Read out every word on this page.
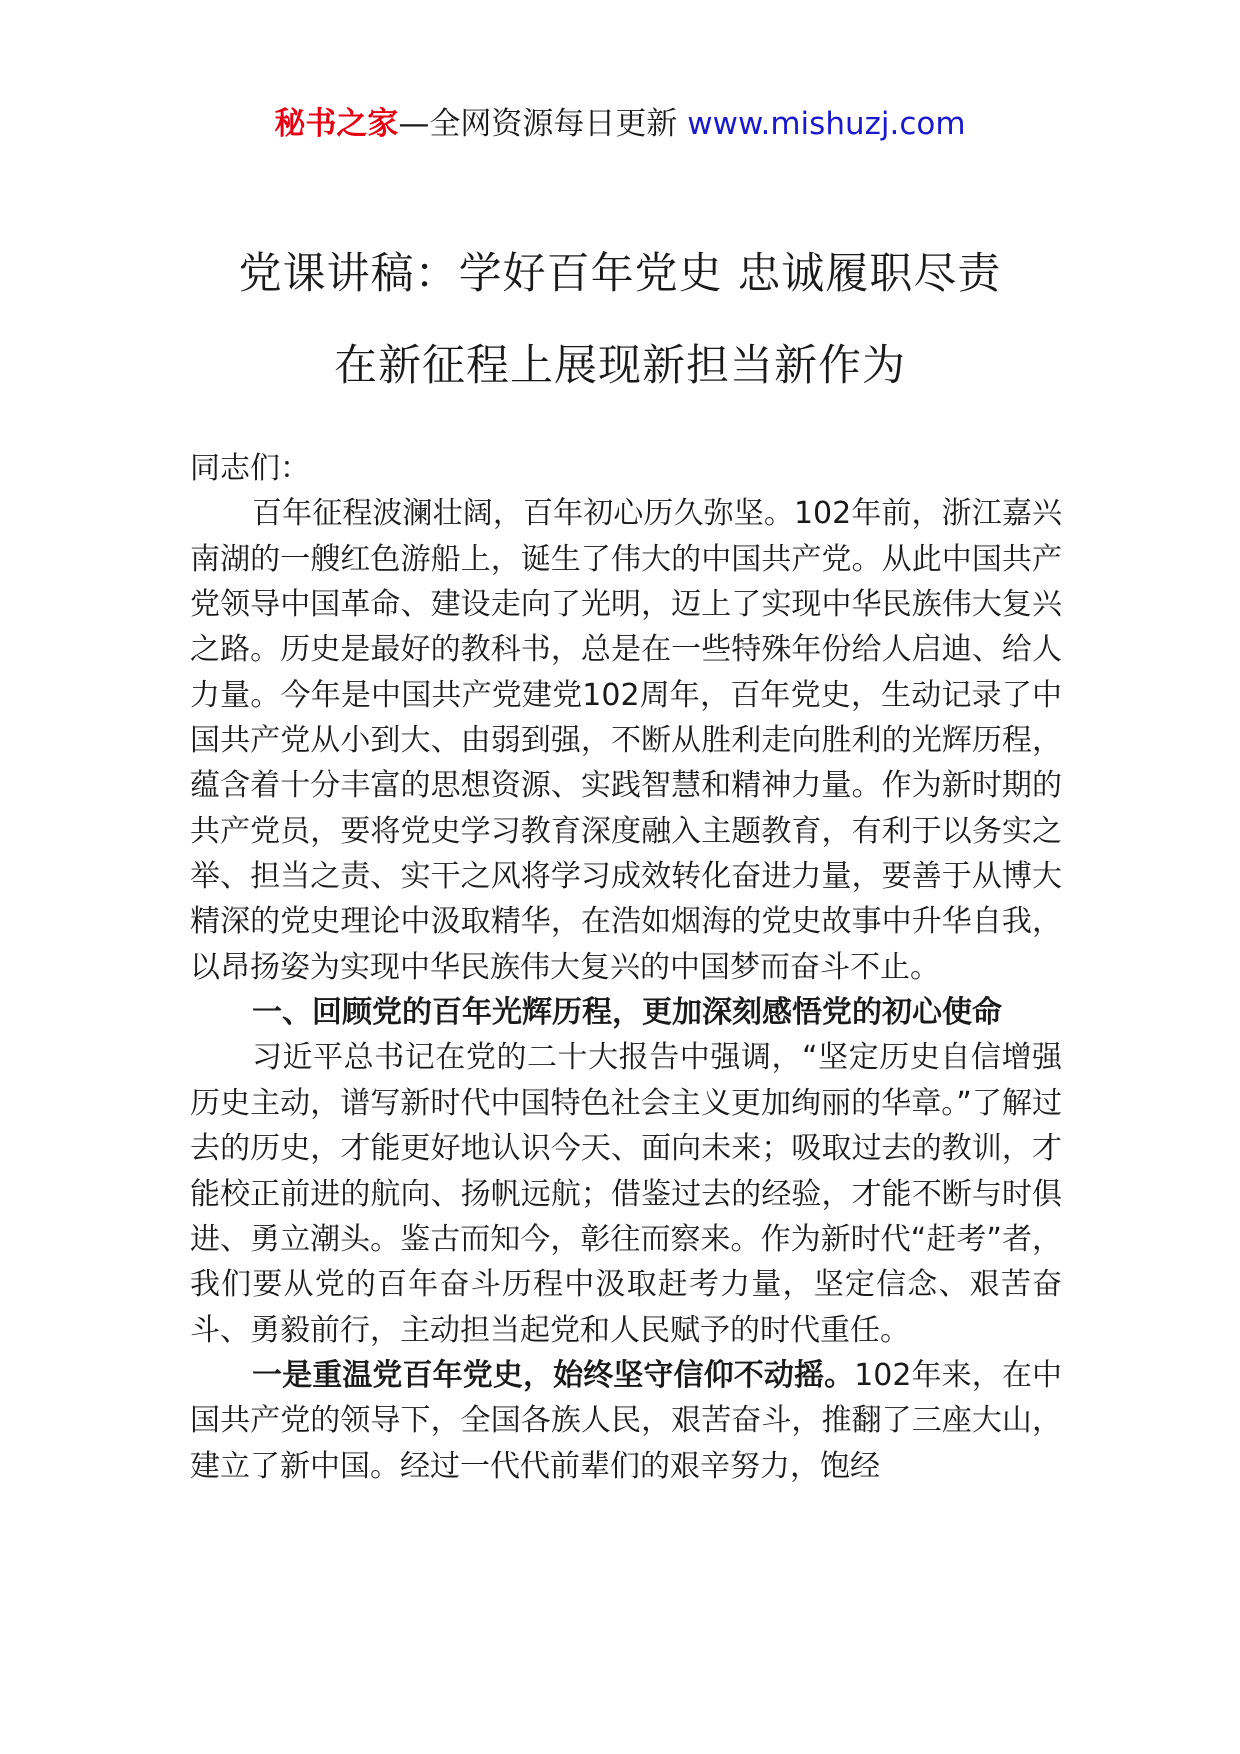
秘书之家—全网资源每日更新 www.mishuzj.com
党课讲稿：学好百年党史 忠诚履职尽责
在新征程上展现新担当新作为

同志们：

百年征程波澜壮阔，百年初心历久弥坚。102年前，浙江嘉兴南湖的一艘红色游船上，诞生了伟大的中国共产党。从此中国共产党领导中国革命、建设走向了光明，迈上了实现中华民族伟大复兴之路。历史是最好的教科书，总是在一些特殊年份给人启迪、给人力量。今年是中国共产党建党102周年，百年党史，生动记录了中国共产党从小到大、由弱到强，不断从胜利走向胜利的光辉历程，蕴含着十分丰富的思想资源、实践智慧和精神力量。作为新时期的共产党员，要将党史学习教育深度融入主题教育，有利于以务实之举、担当之责、实干之风将学习成效转化奋进力量，要善于从博大精深的党史理论中汲取精华，在浩如烟海的党史故事中升华自我，以昂扬姿为实现中华民族伟大复兴的中国梦而奋斗不止。

一、回顾党的百年光辉历程，更加深刻感悟党的初心使命

习近平总书记在党的二十大报告中强调，“坚定历史自信增强历史主动，谱写新时代中国特色社会主义更加绚丽的华章。”了解过去的历史，才能更好地认识今天、面向未来；吸取过去的教训，才能校正前进的航向、扬帆远航；借鉴过去的经验，才能不断与时俱进、勇立潮头。鉴古而知今，彰往而察来。作为新时代“赶考”者，我们要从党的百年奋斗历程中汲取赶考力量，坚定信念、艰苦奋斗、勇毅前行，主动担当起党和人民赋予的时代重任。

一是重温党百年党史，始终坚守信仰不动摇。102年来，在中国共产党的领导下，全国各族人民，艰苦奋斗，推翻了三座大山，建立了新中国。经过一代代前辈们的艰辛努力，饱经
